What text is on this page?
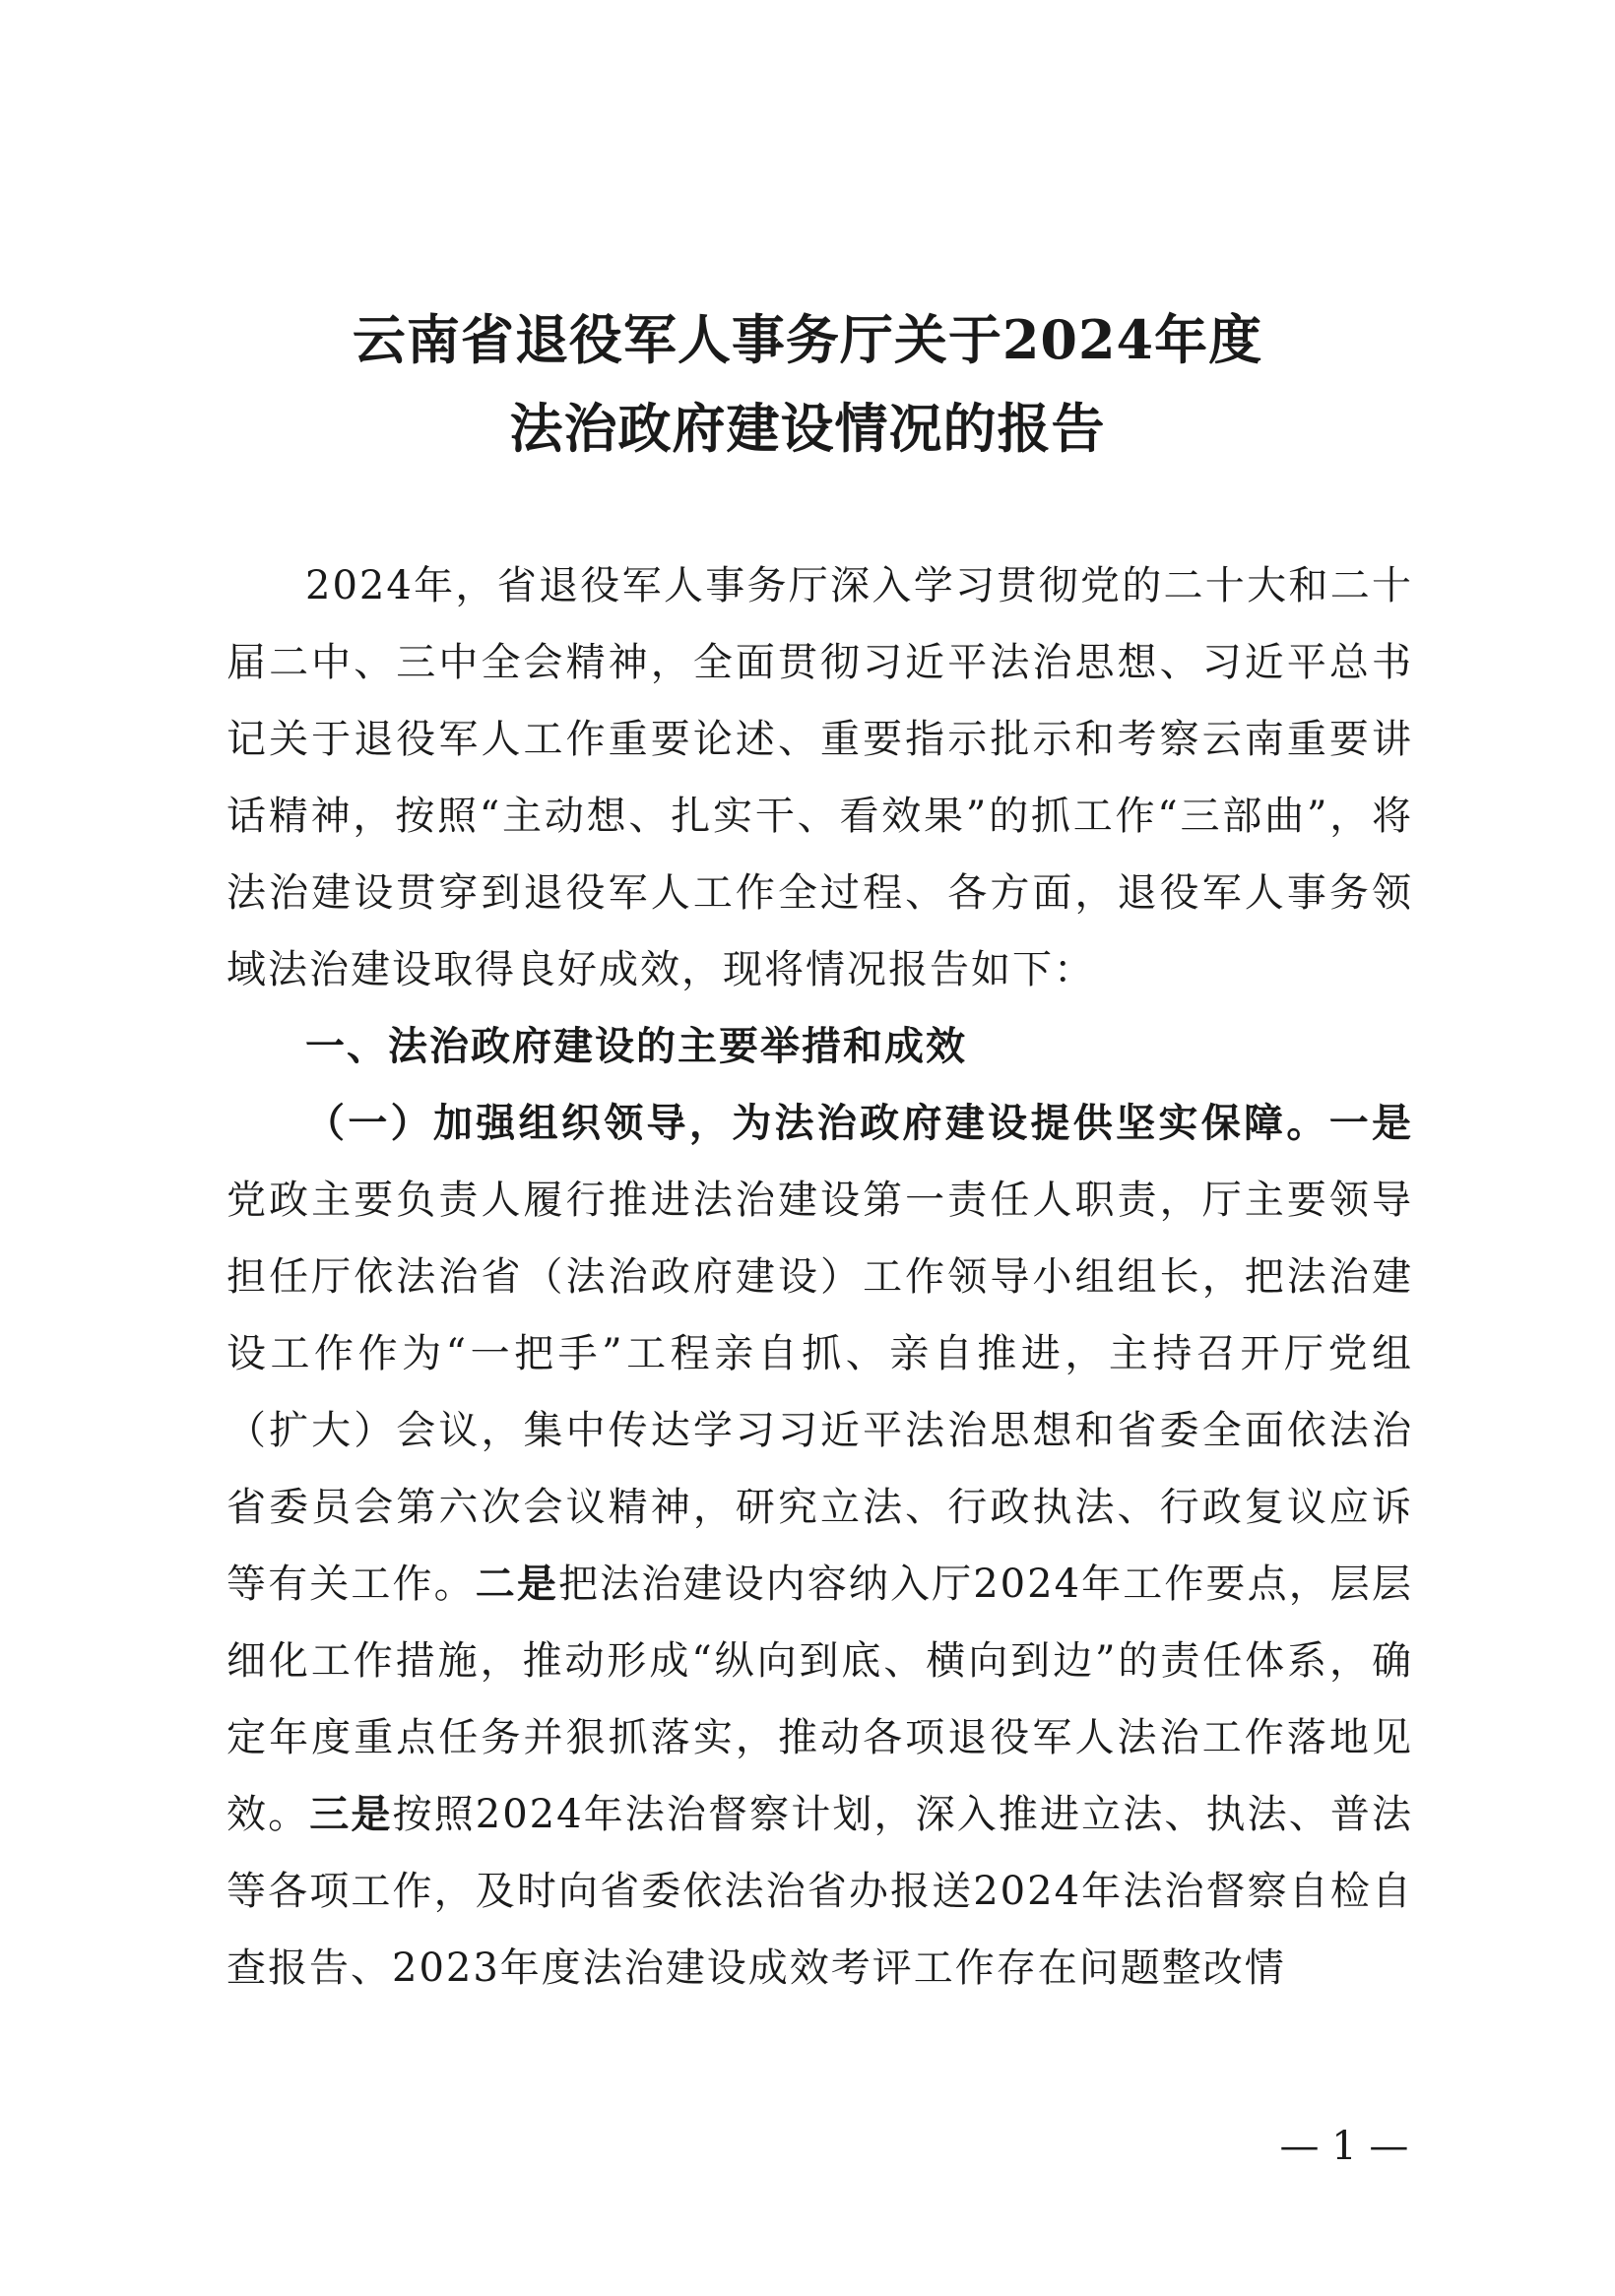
云南省退役军人事务厅关于2024年度
法治政府建设情况的报告

2024年，省退役军人事务厅深入学习贯彻党的二十大和二十届二中、三中全会精神，全面贯彻习近平法治思想、习近平总书记关于退役军人工作重要论述、重要指示批示和考察云南重要讲话精神，按照“主动想、扎实干、看效果”的抓工作“三部曲”，将法治建设贯穿到退役军人工作全过程、各方面，退役军人事务领域法治建设取得良好成效，现将情况报告如下：

一、法治政府建设的主要举措和成效

（一）加强组织领导，为法治政府建设提供坚实保障。一是党政主要负责人履行推进法治建设第一责任人职责，厅主要领导担任厅依法治省（法治政府建设）工作领导小组组长，把法治建设工作作为“一把手”工程亲自抓、亲自推进，主持召开厅党组（扩大）会议，集中传达学习习近平法治思想和省委全面依法治省委员会第六次会议精神，研究立法、行政执法、行政复议应诉等有关工作。二是把法治建设内容纳入厅2024年工作要点，层层细化工作措施，推动形成“纵向到底、横向到边”的责任体系，确定年度重点任务并狠抓落实，推动各项退役军人法治工作落地见效。三是按照2024年法治督察计划，深入推进立法、执法、普法等各项工作，及时向省委依法治省办报送2024年法治督察自检自查报告、2023年度法治建设成效考评工作存在问题整改情

— 1 —
